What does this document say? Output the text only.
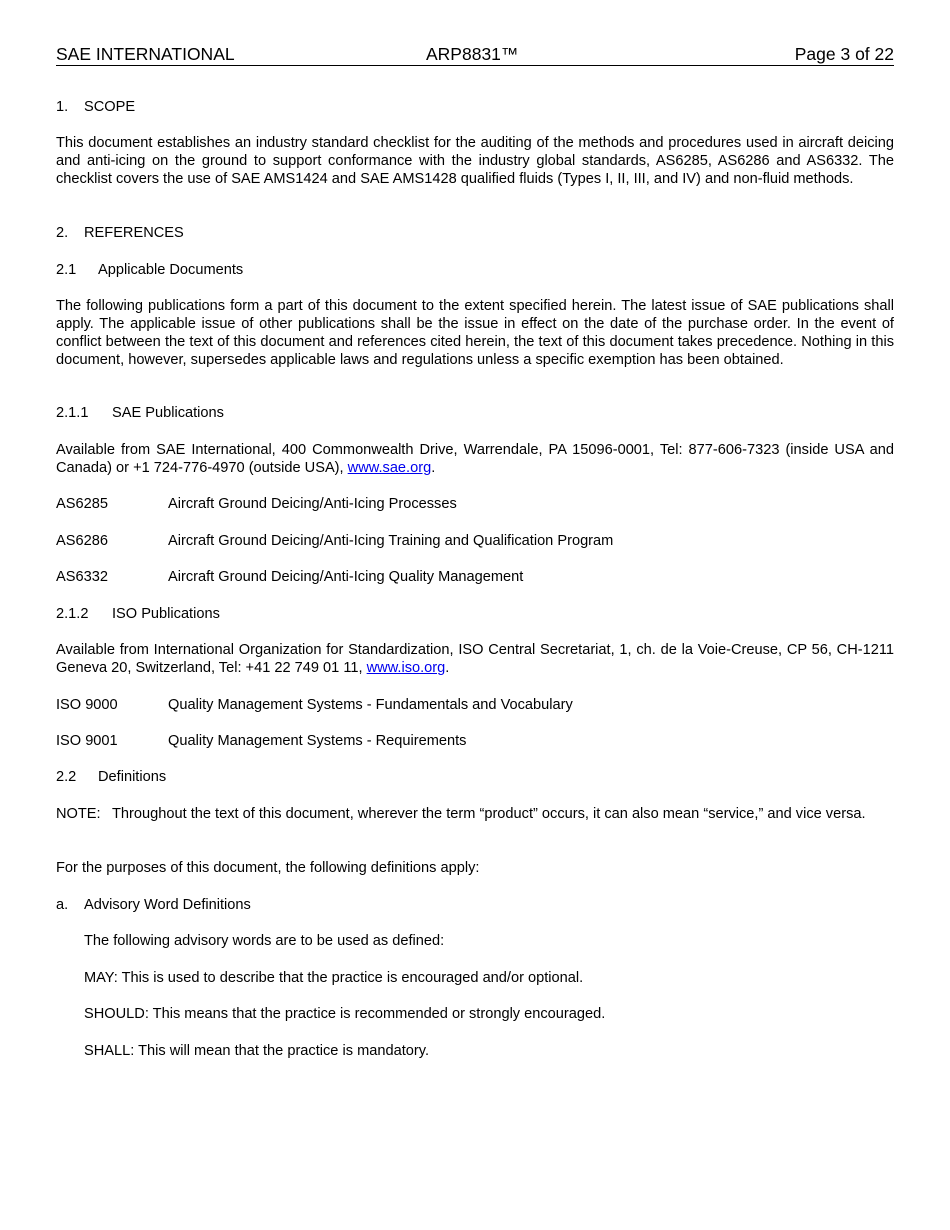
SAE INTERNATIONAL	ARP8831™	Page 3 of 22
1. SCOPE
This document establishes an industry standard checklist for the auditing of the methods and procedures used in aircraft deicing and anti-icing on the ground to support conformance with the industry global standards, AS6285, AS6286 and AS6332. The checklist covers the use of SAE AMS1424 and SAE AMS1428 qualified fluids (Types I, II, III, and IV) and non-fluid methods.
2. REFERENCES
2.1 Applicable Documents
The following publications form a part of this document to the extent specified herein. The latest issue of SAE publications shall apply. The applicable issue of other publications shall be the issue in effect on the date of the purchase order. In the event of conflict between the text of this document and references cited herein, the text of this document takes precedence. Nothing in this document, however, supersedes applicable laws and regulations unless a specific exemption has been obtained.
2.1.1 SAE Publications
Available from SAE International, 400 Commonwealth Drive, Warrendale, PA 15096-0001, Tel: 877-606-7323 (inside USA and Canada) or +1 724-776-4970 (outside USA), www.sae.org.
AS6285	Aircraft Ground Deicing/Anti-Icing Processes
AS6286	Aircraft Ground Deicing/Anti-Icing Training and Qualification Program
AS6332	Aircraft Ground Deicing/Anti-Icing Quality Management
2.1.2 ISO Publications
Available from International Organization for Standardization, ISO Central Secretariat, 1, ch. de la Voie-Creuse, CP 56, CH-1211 Geneva 20, Switzerland, Tel: +41 22 749 01 11, www.iso.org.
ISO 9000	Quality Management Systems - Fundamentals and Vocabulary
ISO 9001	Quality Management Systems - Requirements
2.2 Definitions
NOTE: Throughout the text of this document, wherever the term “product” occurs, it can also mean “service,” and vice versa.
For the purposes of this document, the following definitions apply:
a. Advisory Word Definitions
The following advisory words are to be used as defined:
MAY: This is used to describe that the practice is encouraged and/or optional.
SHOULD: This means that the practice is recommended or strongly encouraged.
SHALL: This will mean that the practice is mandatory.
